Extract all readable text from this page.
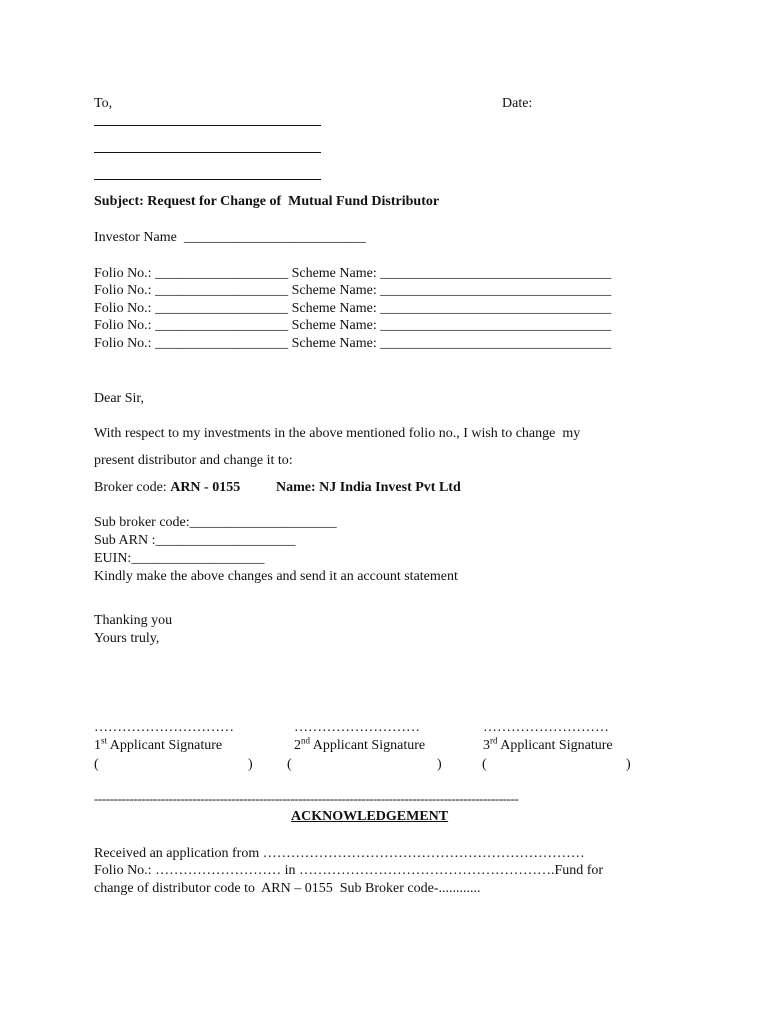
To,	Date:
Subject: Request for Change of  Mutual Fund Distributor
Investor Name __________________________
Folio No.: ___________________ Scheme Name: _________________________________
Folio No.: ___________________ Scheme Name: _________________________________
Folio No.: ___________________ Scheme Name: _________________________________
Folio No.: ___________________ Scheme Name: _________________________________
Folio No.: ___________________ Scheme Name: _________________________________
Dear Sir,
With respect to my investments in the above mentioned folio no., I wish to change  my
present distributor and change it to:
Broker code: ARN - 0155	Name: NJ India Invest Pvt Ltd
Sub broker code:_____________________
Sub ARN :____________________
EUIN:___________________
Kindly make the above changes and send it an account statement
Thanking you
Yours truly,
…………………………	………………………	………………………
1st Applicant Signature	2nd Applicant Signature	3rd Applicant Signature
(	) (	)	(	)
------------------------------------------------------------------------------------------------------------
ACKNOWLEDGEMENT
Received an application from ……………………………………………………………
Folio No.: ……………………… in ……………………………………………….Fund for
change of distributor code to  ARN – 0155  Sub Broker code-............
